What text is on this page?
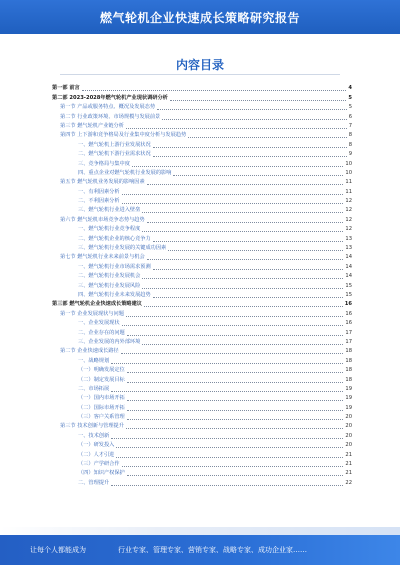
燃气轮机企业快速成长策略研究报告
内容目录
第一部 前言	4
第二部 2023-2028年燃气轮机产业现状调研分析	5
第一节 产品或服务特点、概况及发展态势	5
第二节 行业政策环境、市场规模与发展前景	6
第三节 燃气轮机产业链分析	7
第四节 上下游和竞争格局及行业集中度分析与发展趋势	8
一、燃气轮机上游行业发展状况	8
二、燃气轮机下游行业需求状况	9
三、竞争格局与集中度	10
四、重点企业对燃气轮机行业发展的影响	10
第五节 燃气轮机业务发展的影响因素	11
一、有利因素分析	11
二、不利因素分析	12
三、燃气轮机行业进入壁垒	12
第六节 燃气轮机市场竞争态势与趋势	12
一、燃气轮机行业竞争程度	12
二、燃气轮机企业的核心竞争力	13
三、燃气轮机行业发展的关键成功因素	13
第七节 燃气轮机行业未来前景与机会	14
一、燃气轮机行业市场需求预测	14
二、燃气轮机行业发展机会	14
三、燃气轮机行业发展风险	15
四、燃气轮机行业未来发展趋势	15
第三部 燃气轮机企业快速成长策略建议	16
第一节 企业发展现状与问题	16
一、企业发展现状	16
二、企业存在的问题	17
三、企业发展的内外部环境	17
第二节 企业快速成长路径	18
一、战略规划	18
（一）明确发展定位	18
（二）制定发展目标	18
二、市场拓展	19
（一）国内市场开拓	19
（二）国际市场开拓	19
（三）客户关系管理	20
第三节 技术创新与管理提升	20
一、技术创新	20
（一）研发投入	20
（二）人才引进	21
（三）产学研合作	21
（四）知识产权保护	21
二、管理提升	22
让每个人都能成为	行业专家、管理专家、营销专家、战略专家、成功企业家……
